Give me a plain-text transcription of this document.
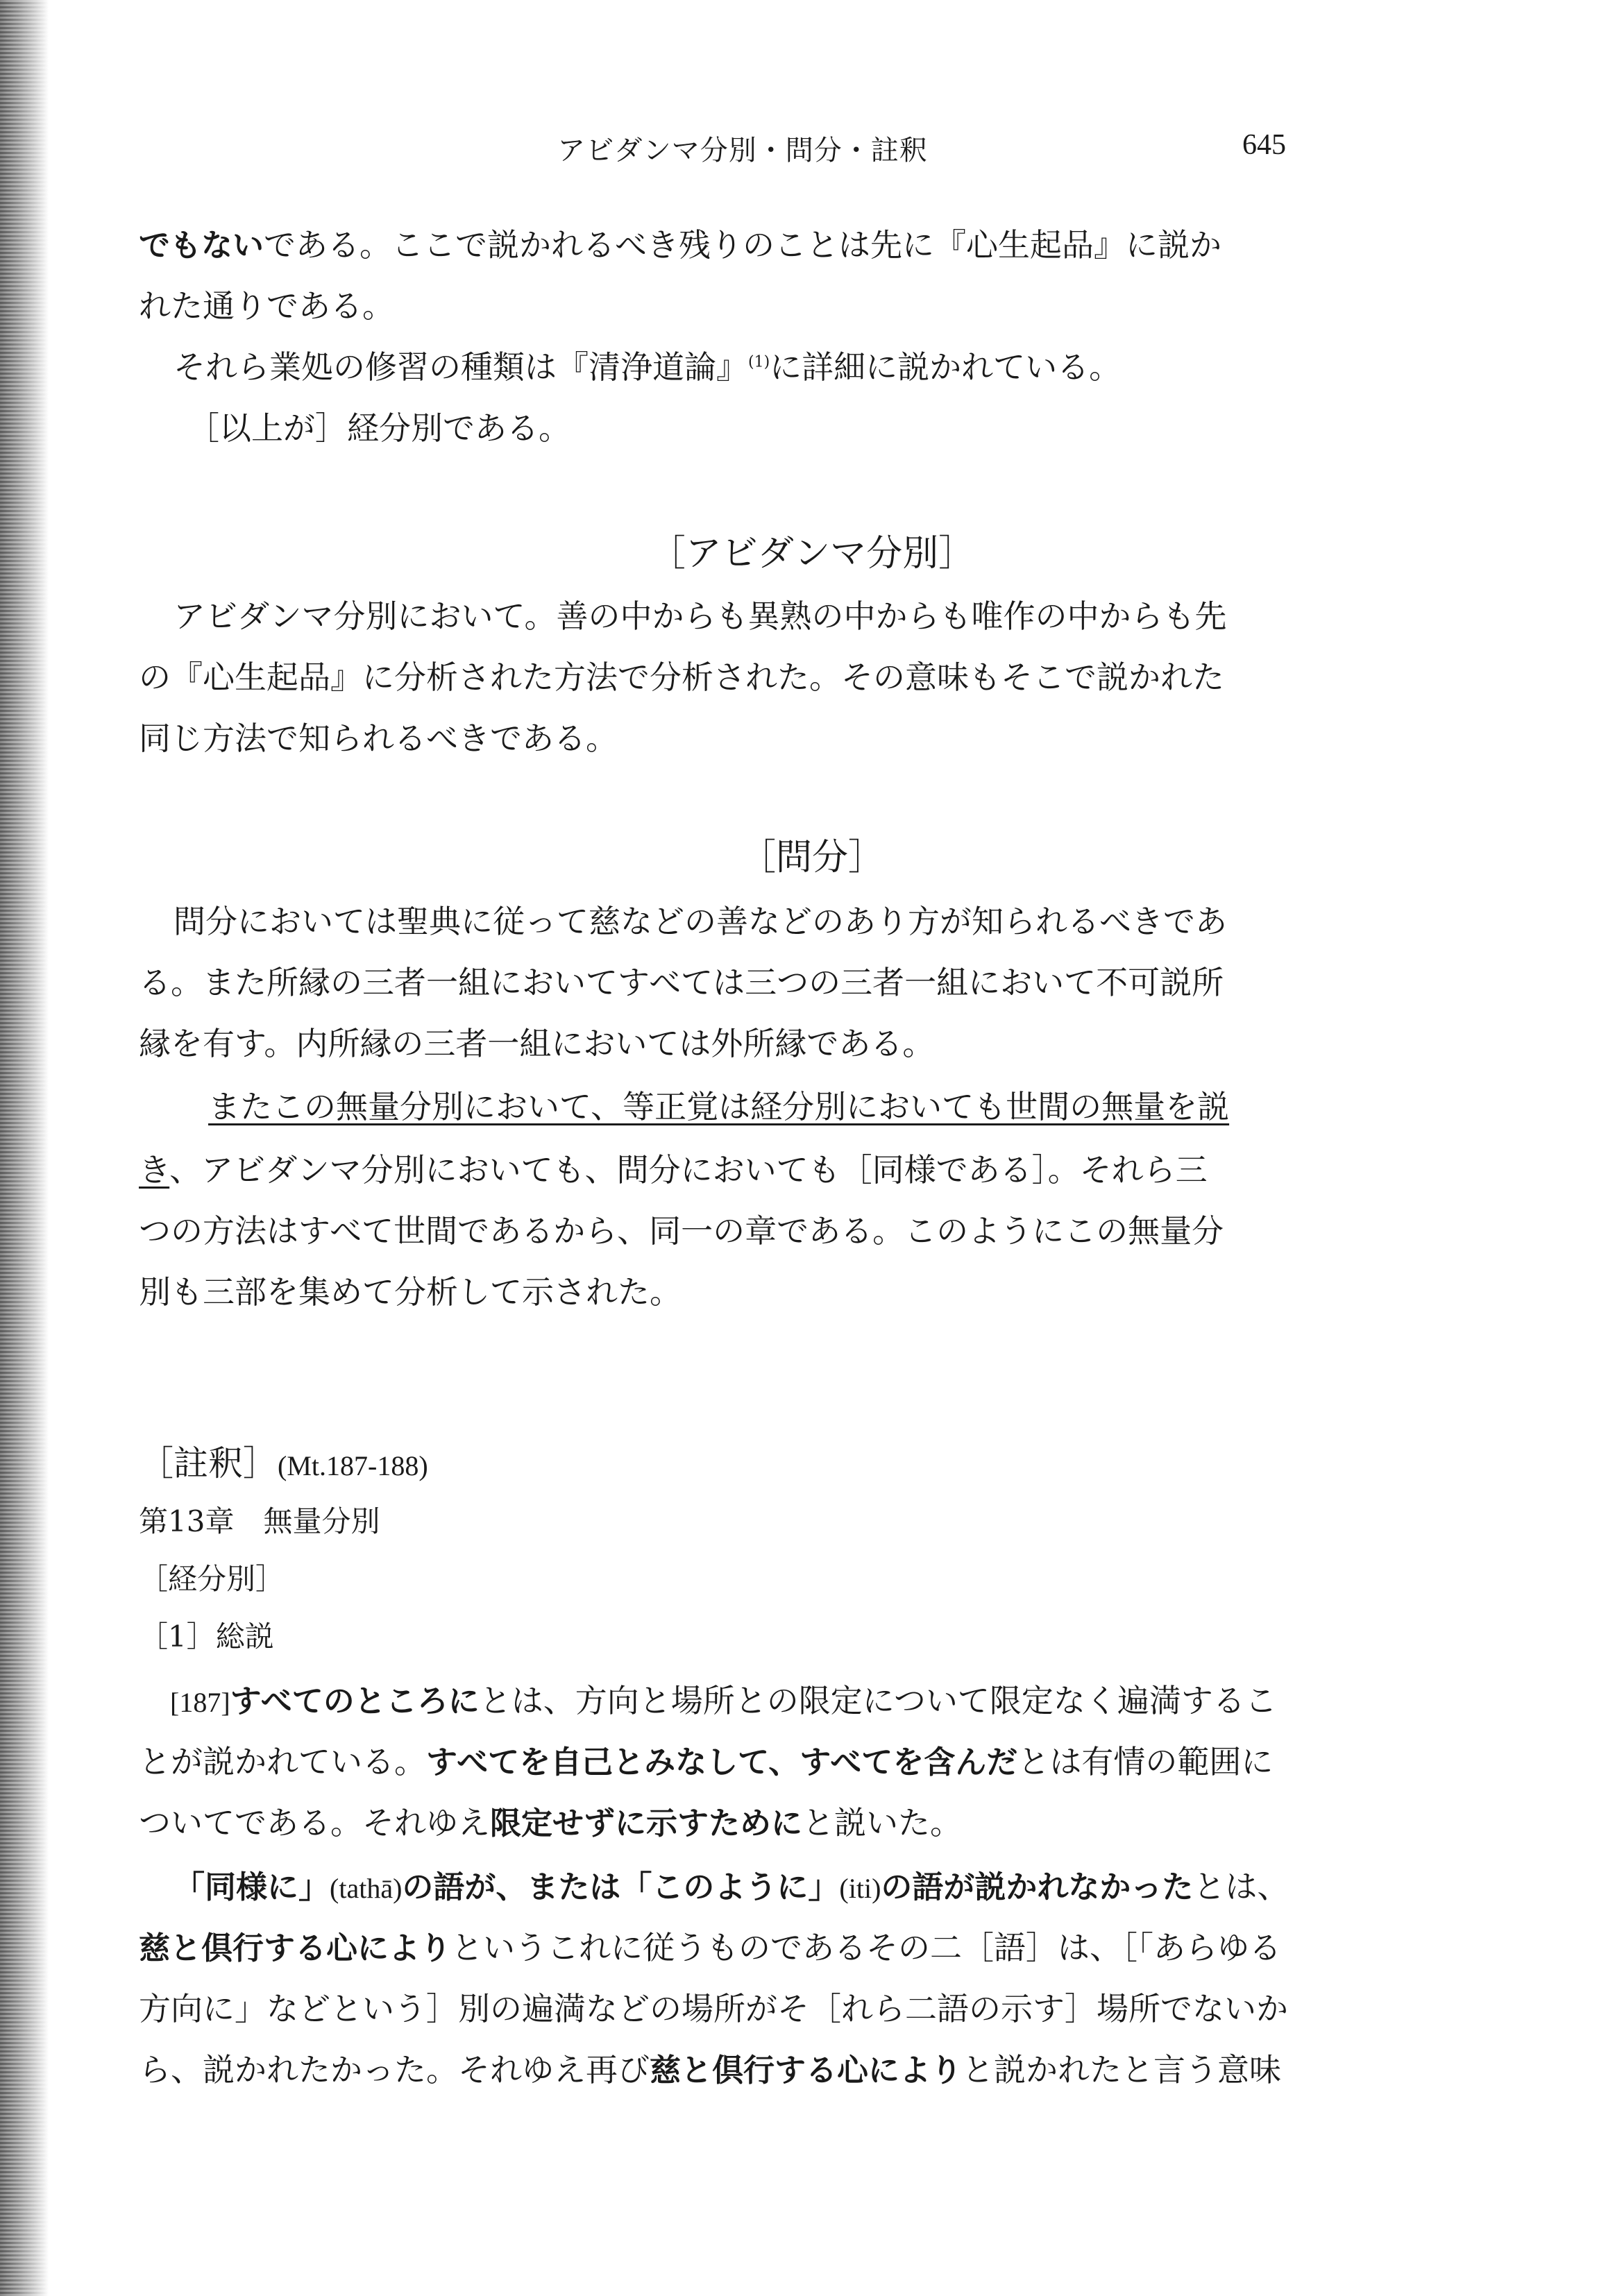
アビダンマ分別・問分・註釈	645
でもないである。ここで説かれるべき残りのことは先に『心生起品』に説か
れた通りである。
それら業処の修習の種類は『清浄道論』$^{(1)}$に詳細に説かれている。
［以上が］経分別である。
［アビダンマ分別］
アビダンマ分別において。善の中からも異熟の中からも唯作の中からも先
の『心生起品』に分析された方法で分析された。その意味もそこで説かれた
同じ方法で知られるべきである。
［問分］
問分においては聖典に従って慈などの善などのあり方が知られるべきであ
る。また所縁の三者一組においてすべては三つの三者一組において不可説所
縁を有す。内所縁の三者一組においては外所縁である。
またこの無量分別において、等正覚は経分別においても世間の無量を説
き、アビダンマ分別においても、問分においても［同様である］。それら三
つの方法はすべて世間であるから、同一の章である。このようにこの無量分
別も三部を集めて分析して示された。
［註釈］(Mt.187-188)
第13章　無量分別
［経分別］
［1］総説
[187]すべてのところにとは、方向と場所との限定について限定なく遍満するこ
とが説かれている。すべてを自己とみなして、すべてを含んだとは有情の範囲に
ついてである。それゆえ限定せずに示すためにと説いた。
「同様に」(tathā)の語が、または「このように」(iti)の語が説かれなかったとは、
慈と倶行する心によりというこれに従うものであるその二［語］は、［「あらゆる
方向に」などという］別の遍満などの場所がそ［れら二語の示す］場所でないか
ら、説かれたかった。それゆえ再び慈と倶行する心によりと説かれたと言う意味
